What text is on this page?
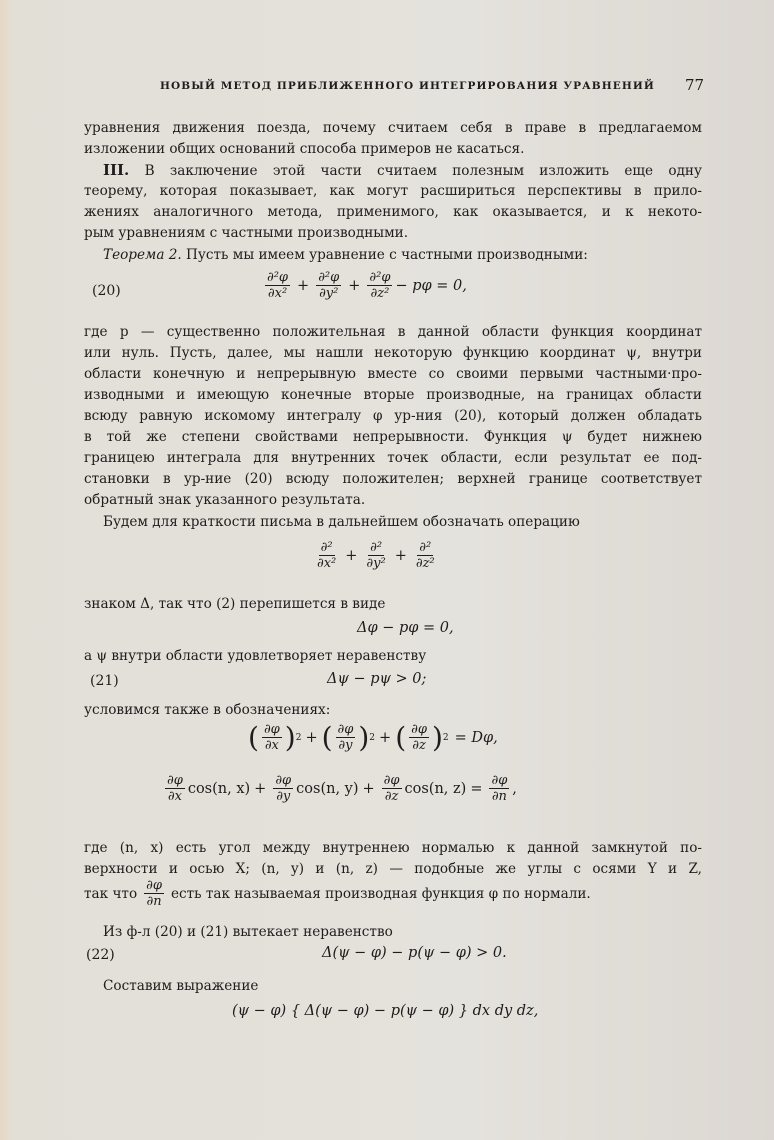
НОВЫЙ МЕТОД ПРИБЛИЖЕННОГО ИНТЕГРИРОВАНИЯ УРАВНЕНИЙ	77
уравнения движения поезда, почему считаем себя в праве в предлагаемом
изложении общих оснований способа примеров не касаться.
III. В заключение этой части считаем полезным изложить еще одну
теорему, которая показывает, как могут расшириться перспективы в прило-
жениях аналогичного метода, применимого, как оказывается, и к некото-
рым уравнениям с частными производными.
Теорема 2. Пусть мы имеем уравнение с частными производными:
(20)	$\frac{\text{∂²φ}}{\text{∂x²}} + \frac{\text{∂²φ}}{\text{∂y²}} + \frac{\text{∂²φ}}{\text{∂z²}} - p\varphi = 0$,
где p — существенно положительная в данной области функция координат
или нуль. Пусть, далее, мы нашли некоторую функцию координат ψ, внутри
области конечную и непрерывную вместе со своими первыми частными·про-
изводными и имеющую конечные вторые производные, на границах области
всюду равную искомому интегралу φ ур-ния (20), который должен обладать
в той же степени свойствами непрерывности. Функция ψ будет нижнею
границею интеграла для внутренних точек области, если результат ее под-
становки в ур-ние (20) всюду положителен; верхней границе соответствует
обратный знак указанного результата.
Будем для краткости письма в дальнейшем обозначать операцию
$\frac{\text{∂²}}{\text{∂x²}} + \frac{\text{∂²}}{\text{∂y²}} + \frac{\text{∂²}}{\text{∂z²}}$
знаком Δ, так что (2) перепишется в виде
Δφ − pφ = 0,
а ψ внутри области удовлетворяет неравенству
(21)	Δψ − pψ > 0;
условимся также в обозначениях:
( $\frac{\partial\varphi}{\partial x}$ ) 2 + ( $\frac{\partial\varphi}{\partial y}$ ) 2 + ( $\frac{\partial\varphi}{\partial z}$ ) 2 = Dφ,
$\frac{\partial\varphi}{\partial x} \cos(n$, $x) + \frac{\partial\varphi}{\partial y} \cos(n$, $y) + \frac{\partial\varphi}{\partial z} \cos(n$, $z) = \frac{\partial\varphi}{\partial n}$ ,
где (n, x) есть угол между внутреннею нормалью к данной замкнутой по-
верхности и осью X; (n, y) и (n, z) — подобные же углы с осями Y и Z,
так что $\frac{\partial\varphi}{\partial n}$ есть так называемая производная функция φ по нормали.
Из ф-л (20) и (21) вытекает неравенство
(22)	Δ(ψ − φ) − p(ψ − φ) > 0.
Составим выражение
(ψ − φ) { Δ(ψ − φ) − p(ψ − φ) } dx dy dz,
